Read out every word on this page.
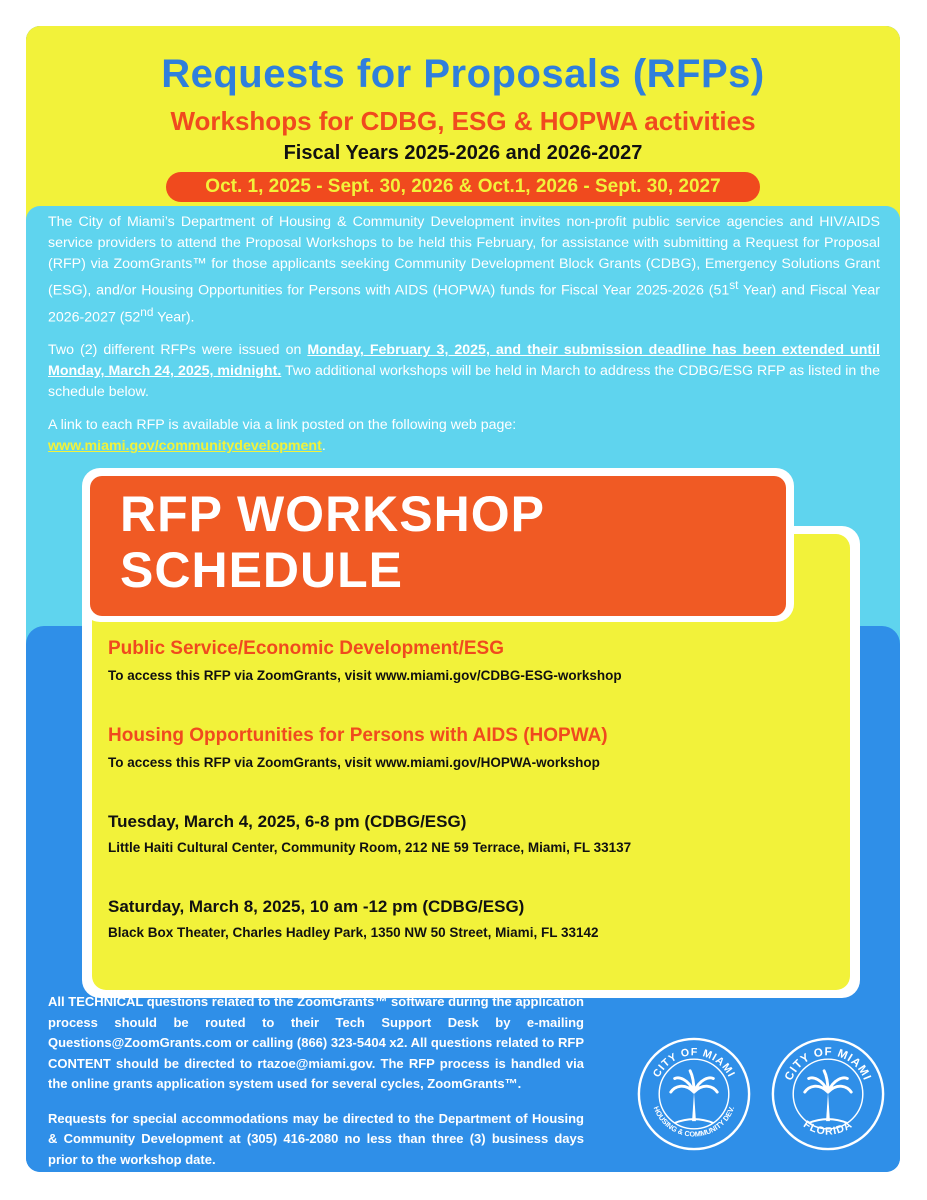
Requests for Proposals (RFPs)
Workshops for CDBG, ESG & HOPWA activities
Fiscal Years 2025-2026 and 2026-2027
Oct. 1, 2025 - Sept. 30, 2026 & Oct.1, 2026 - Sept. 30, 2027

The City of Miami’s Department of Housing & Community Development invites non-profit public service agencies and HIV/AIDS service providers to attend the Proposal Workshops to be held this February, for assistance with submitting a Request for Proposal (RFP) via ZoomGrants™ for those applicants seeking Community Development Block Grants (CDBG), Emergency Solutions Grant (ESG), and/or Housing Opportunities for Persons with AIDS (HOPWA) funds for Fiscal Year 2025-2026 (51st Year) and Fiscal Year 2026-2027 (52nd Year).

Two (2) different RFPs were issued on Monday, February 3, 2025, and their submission deadline has been extended until Monday, March 24, 2025, midnight. Two additional workshops will be held in March to address the CDBG/ESG RFP as listed in the schedule below.

A link to each RFP is available via a link posted on the following web page:
www.miami.gov/communitydevelopment.

RFP WORKSHOP
SCHEDULE
Public Service/Economic Development/ESG

To access this RFP via ZoomGrants, visit www.miami.gov/CDBG-ESG-workshop

Housing Opportunities for Persons with AIDS (HOPWA)

To access this RFP via ZoomGrants, visit www.miami.gov/HOPWA-workshop

Tuesday, March 4, 2025, 6-8 pm (CDBG/ESG)

Little Haiti Cultural Center, Community Room, 212 NE 59 Terrace, Miami, FL 33137

Saturday, March 8, 2025, 10 am -12 pm (CDBG/ESG)

Black Box Theater, Charles Hadley Park, 1350 NW 50 Street, Miami, FL 33142

All TECHNICAL questions related to the ZoomGrants™ software during the application process should be routed to their Tech Support Desk by e-mailing Questions@ZoomGrants.com or calling (866) 323-5404 x2. All questions related to RFP CONTENT should be directed to rtazoe@miami.gov. The RFP process is handled via the online grants application system used for several cycles, ZoomGrants™.

Requests for special accommodations may be directed to the Department of Housing & Community Development at (305) 416-2080 no less than three (3) business days prior to the workshop date.

CITY OF MIAMI
HOUSING & COMMUNITY DEV.
CITY OF MIAMI
FLORIDA
